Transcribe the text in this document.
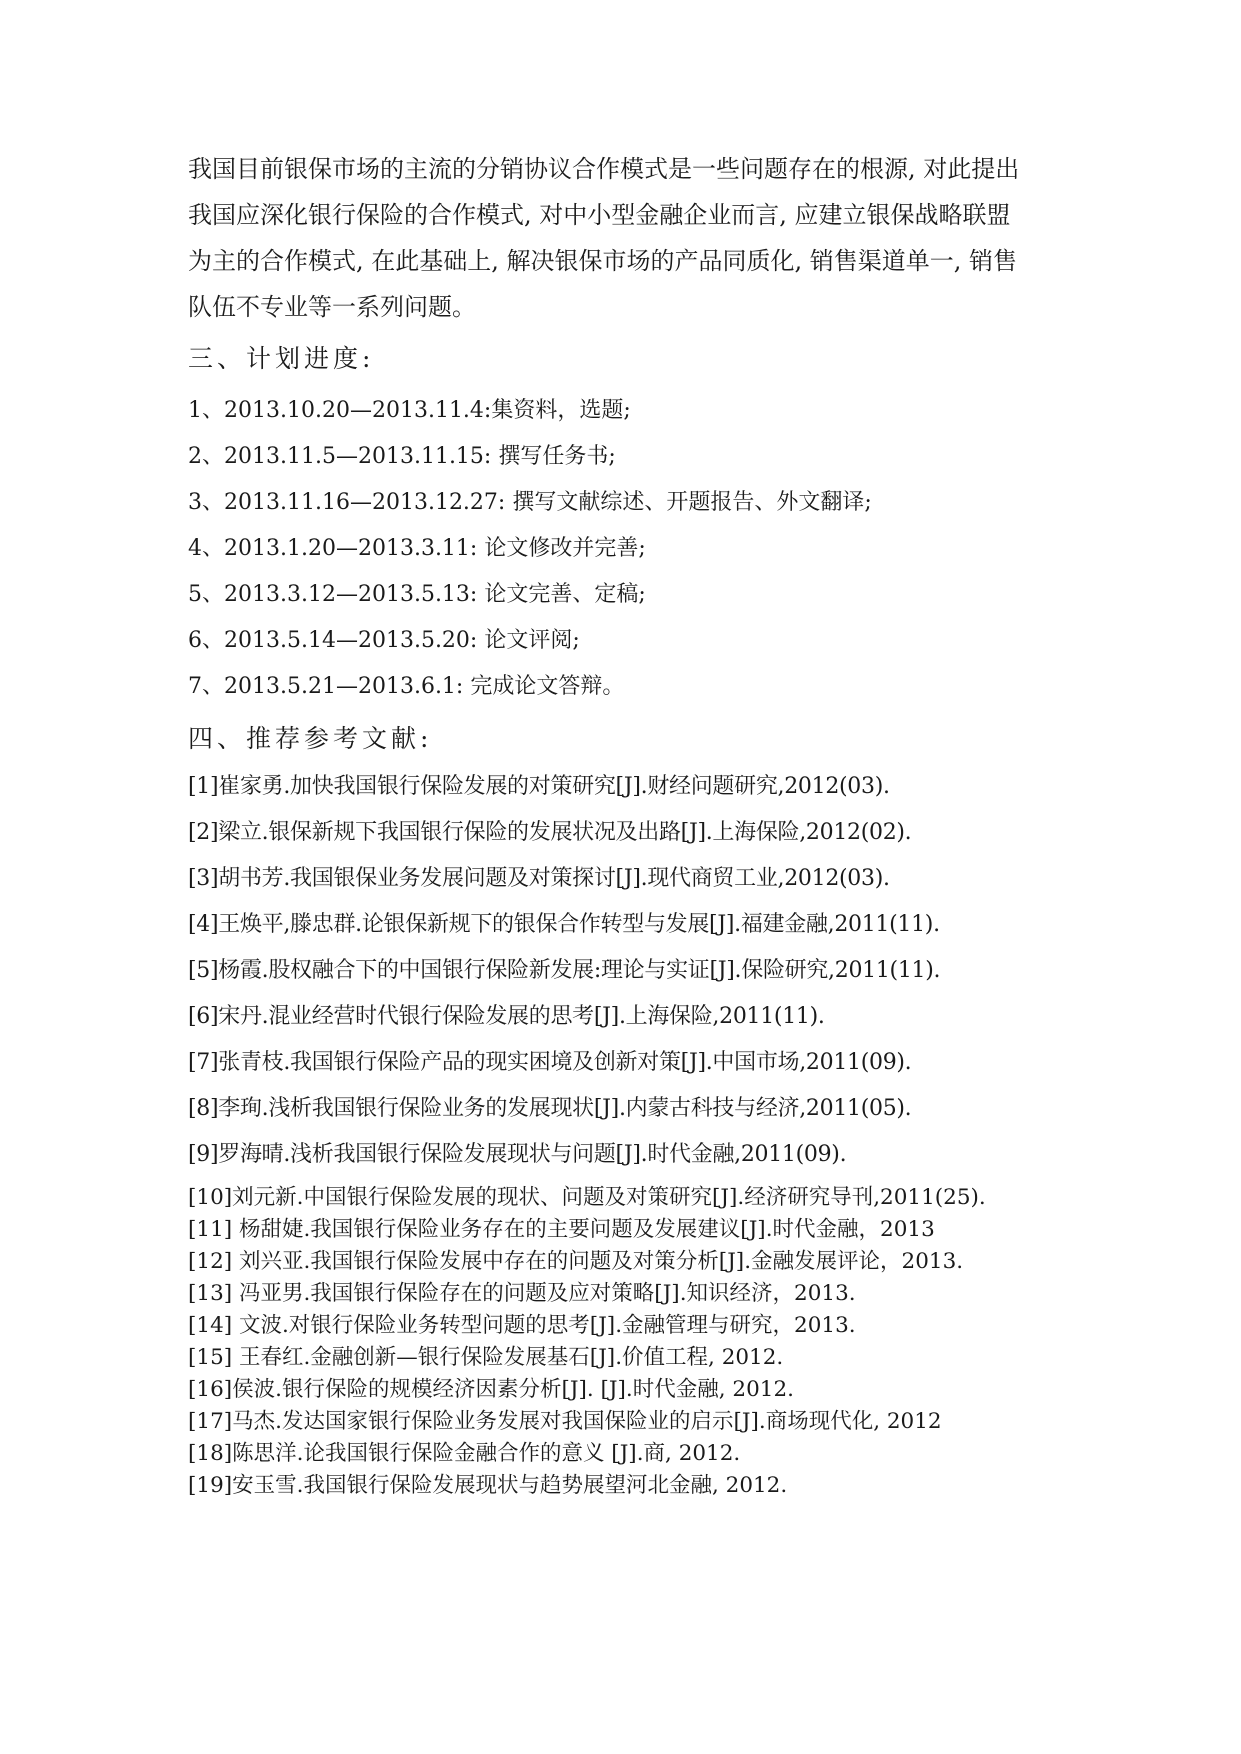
我国目前银保市场的主流的分销协议合作模式是一些问题存在的根源, 对此提出

我国应深化银行保险的合作模式, 对中小型金融企业而言, 应建立银保战略联盟

为主的合作模式, 在此基础上, 解决银保市场的产品同质化, 销售渠道单一, 销售

队伍不专业等一系列问题。

三、计划进度:
1、2013.10.20—2013.11.4:集资料，选题;
2、2013.11.5—2013.11.15: 撰写任务书;
3、2013.11.16—2013.12.27: 撰写文献综述、开题报告、外文翻译;
4、2013.1.20—2013.3.11: 论文修改并完善;
5、2013.3.12—2013.5.13: 论文完善、定稿;
6、2013.5.14—2013.5.20: 论文评阅;
7、2013.5.21—2013.6.1: 完成论文答辩。
四、推荐参考文献:
[1]崔家勇.加快我国银行保险发展的对策研究[J].财经问题研究,2012(03).
[2]梁立.银保新规下我国银行保险的发展状况及出路[J].上海保险,2012(02).
[3]胡书芳.我国银保业务发展问题及对策探讨[J].现代商贸工业,2012(03).
[4]王焕平,滕忠群.论银保新规下的银保合作转型与发展[J].福建金融,2011(11).
[5]杨霞.股权融合下的中国银行保险新发展:理论与实证[J].保险研究,2011(11).
[6]宋丹.混业经营时代银行保险发展的思考[J].上海保险,2011(11).
[7]张青枝.我国银行保险产品的现实困境及创新对策[J].中国市场,2011(09).
[8]李珣.浅析我国银行保险业务的发展现状[J].内蒙古科技与经济,2011(05).
[9]罗海晴.浅析我国银行保险发展现状与问题[J].时代金融,2011(09).
[10]刘元新.中国银行保险发展的现状、问题及对策研究[J].经济研究导刊,2011(25).
[11] 杨甜婕.我国银行保险业务存在的主要问题及发展建议[J].时代金融，2013
[12] 刘兴亚.我国银行保险发展中存在的问题及对策分析[J].金融发展评论，2013.
[13] 冯亚男.我国银行保险存在的问题及应对策略[J].知识经济，2013.
[14] 文波.对银行保险业务转型问题的思考[J].金融管理与研究，2013.
[15] 王春红.金融创新—银行保险发展基石[J].价值工程, 2012.
[16]侯波.银行保险的规模经济因素分析[J]. [J].时代金融, 2012.
[17]马杰.发达国家银行保险业务发展对我国保险业的启示[J].商场现代化, 2012
[18]陈思洋.论我国银行保险金融合作的意义 [J].商, 2012.
[19]安玉雪.我国银行保险发展现状与趋势展望河北金融, 2012.
